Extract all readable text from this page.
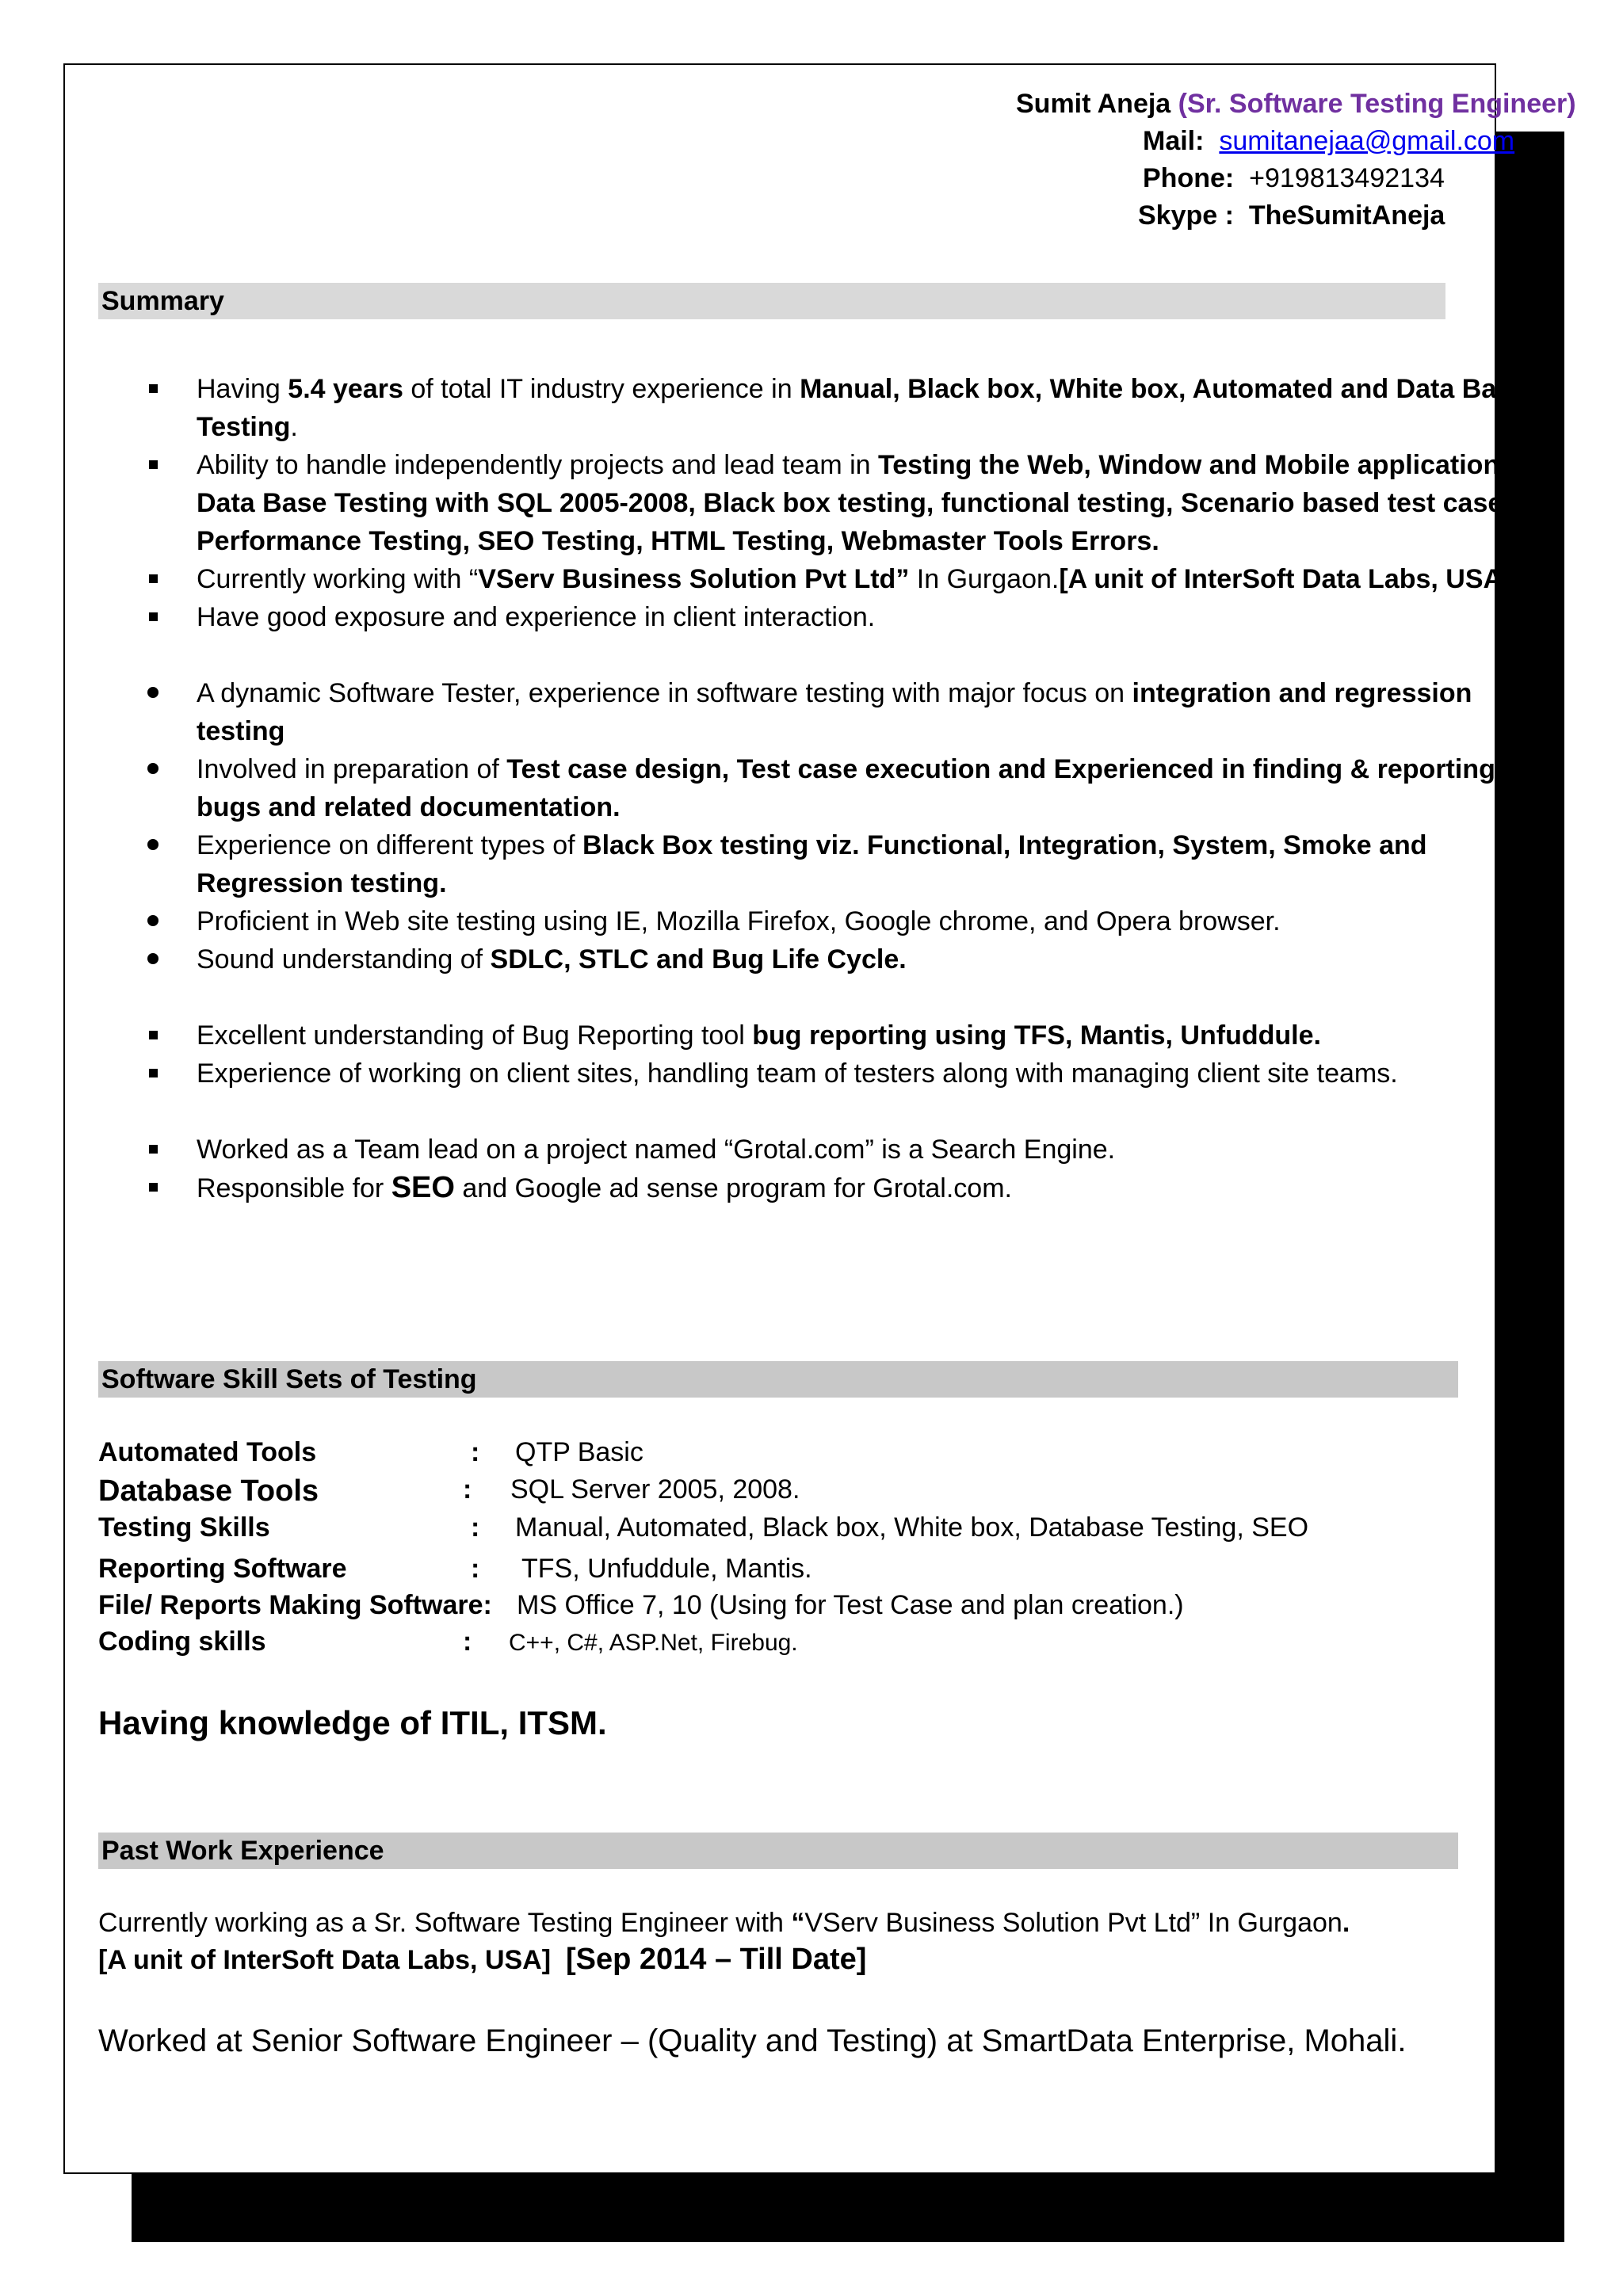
Sumit Aneja (Sr. Software Testing Engineer)
Mail: sumitanejaa@gmail.com
Phone: +919813492134
Skype : TheSumitAneja
Summary
Having 5.4 years of total IT industry experience in Manual, Black box, White box, Automated and Data Base Testing.
Ability to handle independently projects and lead team in Testing the Web, Window and Mobile applications, Data Base Testing with SQL 2005-2008, Black box testing, functional testing, Scenario based test cases, Performance Testing, SEO Testing, HTML Testing, Webmaster Tools Errors.
Currently working with “VServ Business Solution Pvt Ltd” In Gurgaon.[A unit of InterSoft Data Labs, USA]
Have good exposure and experience in client interaction.
A dynamic Software Tester, experience in software testing with major focus on integration and regression testing
Involved in preparation of Test case design, Test case execution and Experienced in finding & reporting bugs and related documentation.
Experience on different types of Black Box testing viz. Functional, Integration, System, Smoke and Regression testing.
Proficient in Web site testing using IE, Mozilla Firefox, Google chrome, and Opera browser.
Sound understanding of SDLC, STLC and Bug Life Cycle.
Excellent understanding of Bug Reporting tool bug reporting using TFS, Mantis, Unfuddule.
Experience of working on client sites, handling team of testers along with managing client site teams.
Worked as a Team lead on a project named “Grotal.com” is a Search Engine.
Responsible for SEO and Google ad sense program for Grotal.com.
Software Skill Sets of Testing
Automated Tools	: QTP Basic
Database Tools	: SQL Server 2005, 2008.
Testing Skills	: Manual, Automated, Black box, White box, Database Testing, SEO
Reporting Software	: TFS, Unfuddule, Mantis.
File/ Reports Making Software: MS Office 7, 10 (Using for Test Case and plan creation.)
Coding skills	: C++, C#, ASP.Net, Firebug.
Having knowledge of ITIL, ITSM.
Past Work Experience
Currently working as a Sr. Software Testing Engineer with “VServ Business Solution Pvt Ltd” In Gurgaon.
[A unit of InterSoft Data Labs, USA] [Sep 2014 – Till Date]
Worked at Senior Software Engineer – (Quality and Testing) at SmartData Enterprise, Mohali.
